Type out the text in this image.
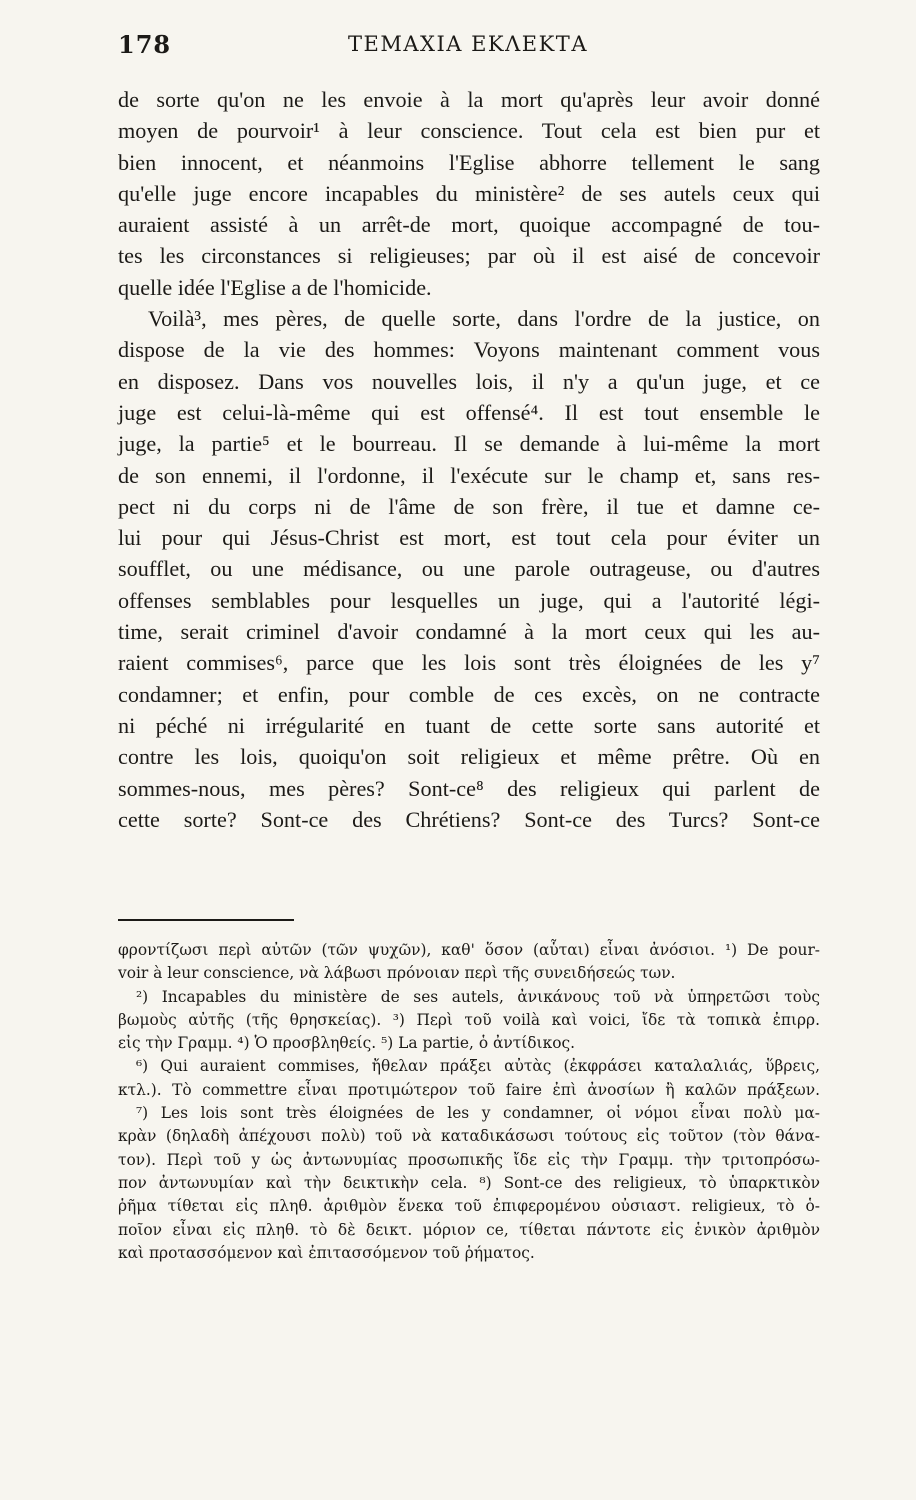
178	ΤΕΜΑΧΙΑ ΕΚΛΕΚΤΑ
de sorte qu'on ne les envoie à la mort qu'après leur avoir donné
moyen de pourvoir¹ à leur conscience. Tout cela est bien pur et
bien innocent, et néanmoins l'Eglise abhorre tellement le sang
qu'elle juge encore incapables du ministère² de ses autels ceux qui
auraient assisté à un arrêt-de mort, quoique accompagné de tou-
tes les circonstances si religieuses; par où il est aisé de concevoir
quelle idée l'Eglise a de l'homicide.
Voilà³, mes pères, de quelle sorte, dans l'ordre de la justice, on
dispose de la vie des hommes: Voyons maintenant comment vous
en disposez. Dans vos nouvelles lois, il n'y a qu'un juge, et ce
juge est celui-là-même qui est offensé⁴. Il est tout ensemble le
juge, la partie⁵ et le bourreau. Il se demande à lui-même la mort
de son ennemi, il l'ordonne, il l'exécute sur le champ et, sans res-
pect ni du corps ni de l'âme de son frère, il tue et damne ce-
lui pour qui Jésus-Christ est mort, est tout cela pour éviter un
soufflet, ou une médisance, ou une parole outrageuse, ou d'autres
offenses semblables pour lesquelles un juge, qui a l'autorité légi-
time, serait criminel d'avoir condamné à la mort ceux qui les au-
raient commises⁶, parce que les lois sont très éloignées de les y⁷
condamner; et enfin, pour comble de ces excès, on ne contracte
ni péché ni irrégularité en tuant de cette sorte sans autorité et
contre les lois, quoiqu'on soit religieux et même prêtre. Où en
sommes-nous, mes pères? Sont-ce⁸ des religieux qui parlent de
cette sorte? Sont-ce des Chrétiens? Sont-ce des Turcs? Sont-ce
φροντίζωσι περὶ αὐτῶν (τῶν ψυχῶν), καθ' ὅσον (αὗται) εἶναι ἀνόσιοι. ¹) De pour-
voir à leur conscience, νὰ λάβωσι πρόνοιαν περὶ τῆς συνειδήσεώς των.
²) Incapables du ministère de ses autels, ἀνικάνους τοῦ νὰ ὑπηρετῶσι τοὺς
βωμοὺς αὐτῆς (τῆς θρησκείας). ³) Περὶ τοῦ voilà καὶ voici, ἴδε τὰ τοπικὰ ἐπιρρ.
εἰς τὴν Γραμμ. ⁴) Ὁ προσβληθείς. ⁵) La partie, ὁ ἀντίδικος.
⁶) Qui auraient commises, ἤθελαν πράξει αὐτὰς (ἐκφράσει καταλαλιάς, ὕβρεις,
κτλ.). Τὸ commettre εἶναι προτιμώτερον τοῦ faire ἐπὶ ἀνοσίων ἢ καλῶν πράξεων.
⁷) Les lois sont très éloignées de les y condamner, οἱ νόμοι εἶναι πολὺ μα-
κρὰν (δηλαδὴ ἀπέχουσι πολὺ) τοῦ νὰ καταδικάσωσι τούτους εἰς τοῦτον (τὸν θάνα-
τον). Περὶ τοῦ y ὡς ἀντωνυμίας προσωπικῆς ἴδε εἰς τὴν Γραμμ. τὴν τριτοπρόσω-
πον ἀντωνυμίαν καὶ τὴν δεικτικὴν cela. ⁸) Sont-ce des religieux, τὸ ὑπαρκτικὸν
ῥῆμα τίθεται εἰς πληθ. ἀριθμὸν ἕνεκα τοῦ ἐπιφερομένου οὐσιαστ. religieux, τὸ ὁ-
ποῖον εἶναι εἰς πληθ. τὸ δὲ δεικτ. μόριον ce, τίθεται πάντοτε εἰς ἑνικὸν ἀριθμὸν
καὶ προτασσόμενον καὶ ἐπιτασσόμενον τοῦ ῥήματος.
